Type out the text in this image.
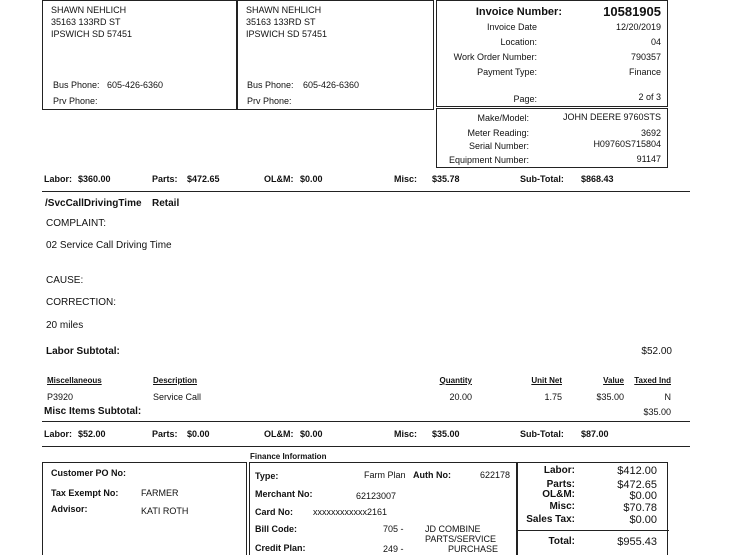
SHAWN NEHLICH
35163 133RD ST
IPSWICH SD 57451
Bus Phone: 605-426-6360
Prv Phone:
SHAWN NEHLICH
35163 133RD ST
IPSWICH SD 57451
Bus Phone: 605-426-6360
Prv Phone:
Invoice Number:	10581905
Invoice Date	12/20/2019
Location:	04
Work Order Number:	790357
Payment Type:	Finance
Page:	2 of 3
Make/Model:	JOHN DEERE 9760STS
Meter Reading:	3692
Serial Number:	H09760S715804
Equipment Number:	91147
Labor: $360.00	Parts: $472.65	OL&M: $0.00	Misc: $35.78	Sub-Total: $868.43
/SvcCallDrivingTime Retail
COMPLAINT:
02 Service Call Driving Time
CAUSE:
CORRECTION:
20 miles
Labor Subtotal:	$52.00
Miscellaneous	Description	Quantity	Unit Net	Value Taxed Ind
P3920	Service Call	20.00	1.75	$35.00	N
Misc Items Subtotal:	$35.00
Labor: $52.00	Parts: $0.00	OL&M: $0.00	Misc: $35.00	Sub-Total: $87.00
Customer PO No:
Tax Exempt No:	FARMER
Advisor:	KATI ROTH
Finance Information
Type:	Farm Plan Auth No:	622178
Merchant No:	62123007
Card No: xxxxxxxxxxxx2161
Bill Code:	705 - JD COMBINE
PARTS/SERVICE
Credit Plan:	249 -	PURCHASE
Labor:	$412.00
Parts:	$472.65
OL&M:	$0.00
Misc:	$70.78
Sales Tax:	$0.00
Total:	$955.43
